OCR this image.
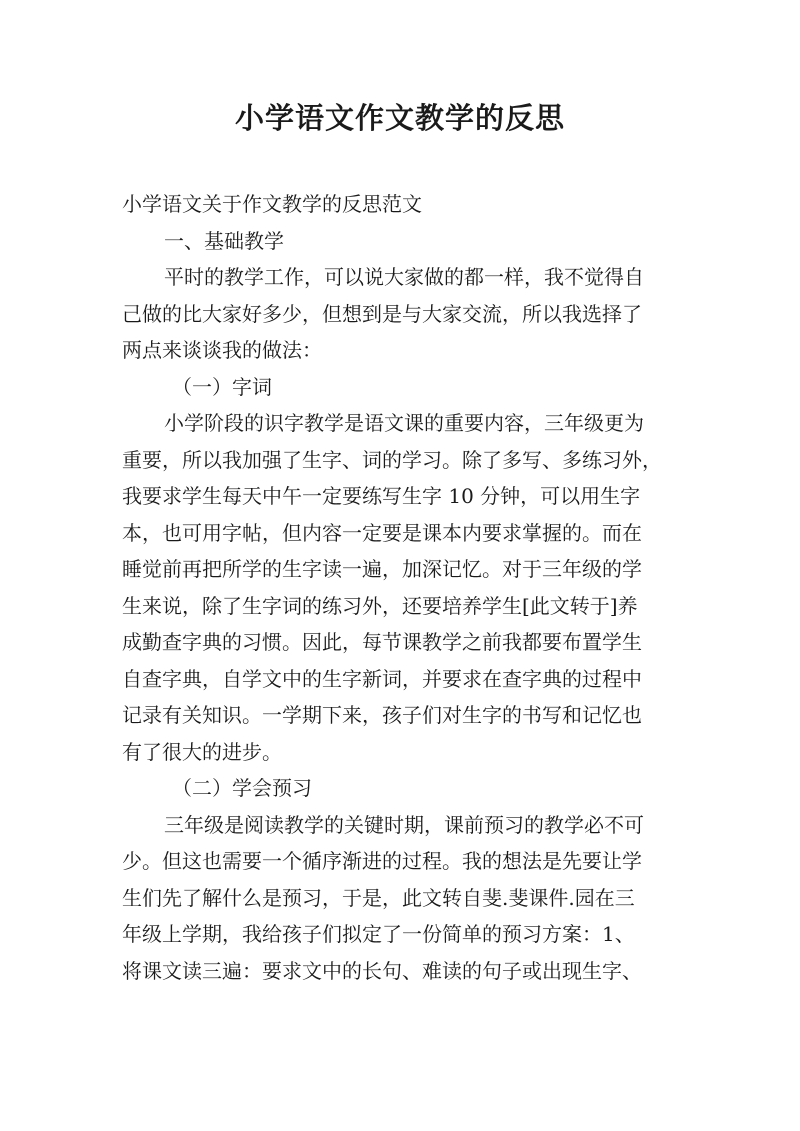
小学语文作文教学的反思
小学语文关于作文教学的反思范文
一、基础教学
平时的教学工作，可以说大家做的都一样，我不觉得自
己做的比大家好多少，但想到是与大家交流，所以我选择了
两点来谈谈我的做法：
（一）字词
小学阶段的识字教学是语文课的重要内容，三年级更为
重要，所以我加强了生字、词的学习。除了多写、多练习外，
我要求学生每天中午一定要练写生字 10 分钟，可以用生字
本，也可用字帖，但内容一定要是课本内要求掌握的。而在
睡觉前再把所学的生字读一遍，加深记忆。对于三年级的学
生来说，除了生字词的练习外，还要培养学生[此文转于]养
成勤查字典的习惯。因此，每节课教学之前我都要布置学生
自查字典，自学文中的生字新词，并要求在查字典的过程中
记录有关知识。一学期下来，孩子们对生字的书写和记忆也
有了很大的进步。
（二）学会预习
三年级是阅读教学的关键时期，课前预习的教学必不可
少。但这也需要一个循序渐进的过程。我的想法是先要让学
生们先了解什么是预习，于是，此文转自斐.斐课件.园在三
年级上学期，我给孩子们拟定了一份简单的预习方案：1、
将课文读三遍：要求文中的长句、难读的句子或出现生字、
